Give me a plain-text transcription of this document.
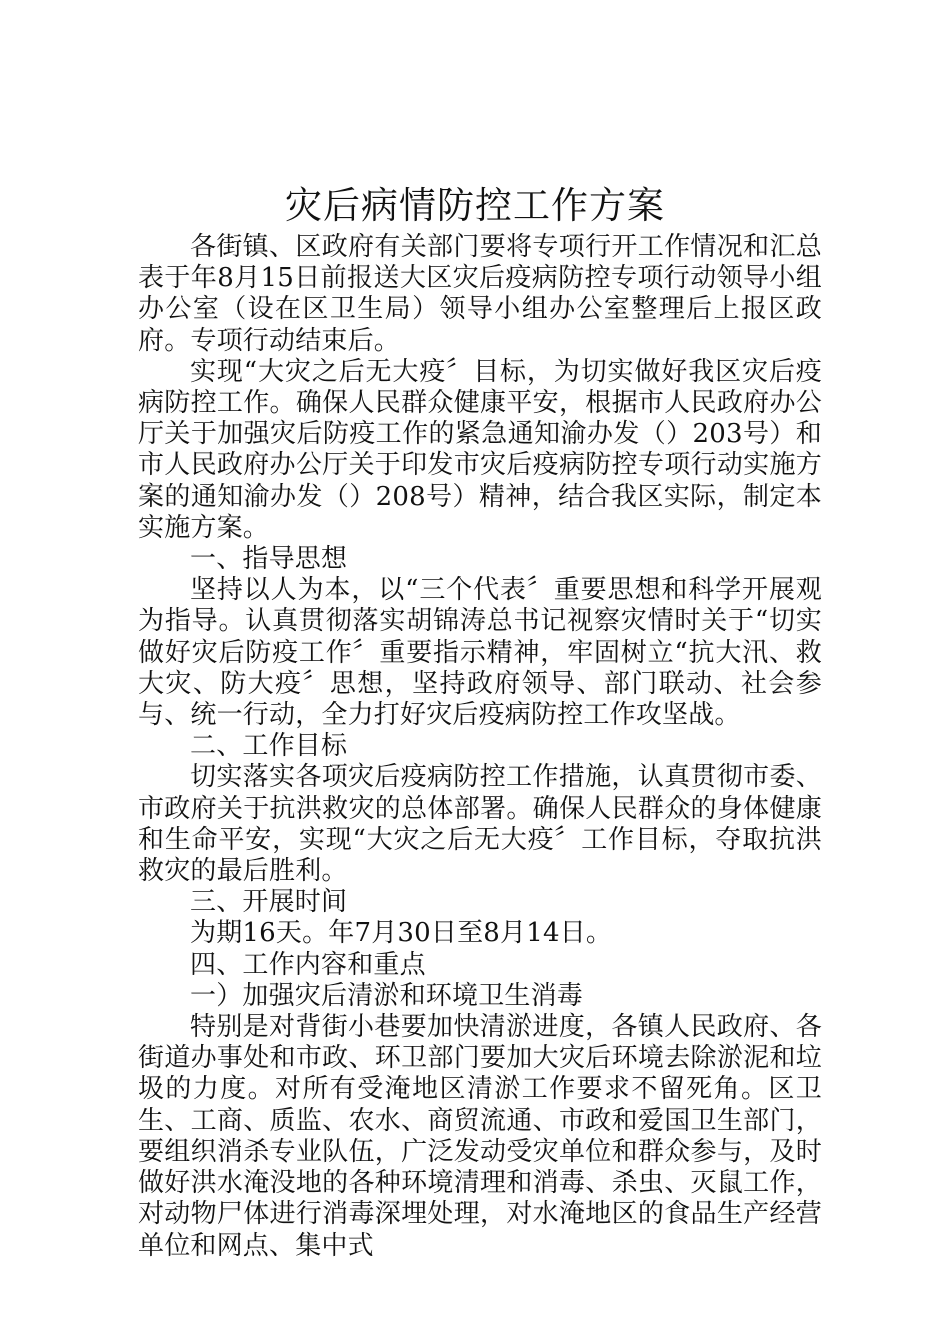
灾后病情防控工作方案

各街镇、区政府有关部门要将专项行开工作情况和汇总表于年8月15日前报送大区灾后疫病防控专项行动领导小组办公室（设在区卫生局）领导小组办公室整理后上报区政府。专项行动结束后。

实现“大灾之后无大疫〞目标，为切实做好我区灾后疫病防控工作。确保人民群众健康平安，根据市人民政府办公厅关于加强灾后防疫工作的紧急通知渝办发（）203号）和市人民政府办公厅关于印发市灾后疫病防控专项行动实施方案的通知渝办发（）208号）精神，结合我区实际，制定本实施方案。

一、指导思想

坚持以人为本，以“三个代表〞重要思想和科学开展观为指导。认真贯彻落实胡锦涛总书记视察灾情时关于“切实做好灾后防疫工作〞重要指示精神，牢固树立“抗大汛、救大灾、防大疫〞思想，坚持政府领导、部门联动、社会参与、统一行动，全力打好灾后疫病防控工作攻坚战。

二、工作目标

切实落实各项灾后疫病防控工作措施，认真贯彻市委、市政府关于抗洪救灾的总体部署。确保人民群众的身体健康和生命平安，实现“大灾之后无大疫〞工作目标，夺取抗洪救灾的最后胜利。

三、开展时间

为期16天。年7月30日至8月14日。

四、工作内容和重点

一）加强灾后清淤和环境卫生消毒

特别是对背街小巷要加快清淤进度，各镇人民政府、各街道办事处和市政、环卫部门要加大灾后环境去除淤泥和垃圾的力度。对所有受淹地区清淤工作要求不留死角。区卫生、工商、质监、农水、商贸流通、市政和爱国卫生部门，要组织消杀专业队伍，广泛发动受灾单位和群众参与，及时做好洪水淹没地的各种环境清理和消毒、杀虫、灭鼠工作，对动物尸体进行消毒深埋处理，对水淹地区的食品生产经营单位和网点、集中式
